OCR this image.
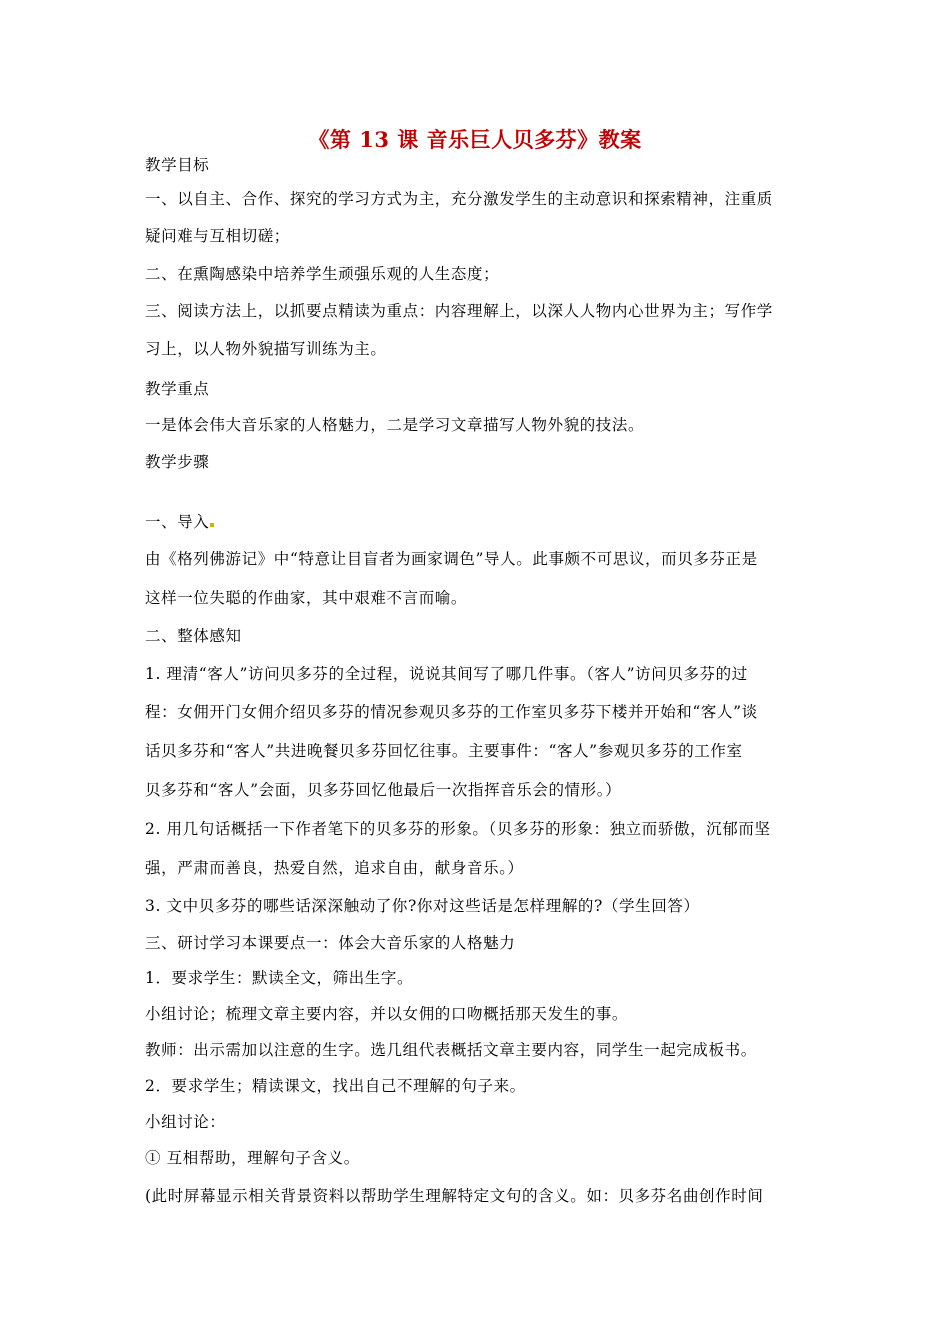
《第 13 课 音乐巨人贝多芬》教案
教学目标
一、以自主、合作、探究的学习方式为主，充分激发学生的主动意识和探索精神，注重质
疑问难与互相切磋；
二、在熏陶感染中培养学生顽强乐观的人生态度；
三、阅读方法上，以抓要点精读为重点：内容理解上，以深人人物内心世界为主；写作学
习上，以人物外貌描写训练为主。
教学重点
一是体会伟大音乐家的人格魅力，二是学习文章描写人物外貌的技法。
教学步骤
一、导入
由《格列佛游记》中“特意让目盲者为画家调色”导人。此事颇不可思议，而贝多芬正是
这样一位失聪的作曲家，其中艰难不言而喻。
二、整体感知
1. 理清“客人”访问贝多芬的全过程，说说其间写了哪几件事。（客人”访问贝多芬的过
程：女佣开门女佣介绍贝多芬的情况参观贝多芬的工作室贝多芬下楼并开始和“客人”谈
话贝多芬和“客人”共进晚餐贝多芬回忆往事。主要事件：“客人”参观贝多芬的工作室
贝多芬和“客人”会面，贝多芬回忆他最后一次指挥音乐会的情形。）
2. 用几句话概括一下作者笔下的贝多芬的形象。（贝多芬的形象：独立而骄傲，沉郁而坚
强，严肃而善良，热爱自然，追求自由，献身音乐。）
3. 文中贝多芬的哪些话深深触动了你?你对这些话是怎样理解的?（学生回答）
三、研讨学习本课要点一：体会大音乐家的人格魅力
1．要求学生：默读全文，筛出生字。
小组讨论；梳理文章主要内容，并以女佣的口吻概括那天发生的事。
教师：出示需加以注意的生字。选几组代表概括文章主要内容，同学生一起完成板书。
2．要求学生；精读课文，找出自己不理解的句子来。
小组讨论：
① 互相帮助，理解句子含义。
(此时屏幕显示相关背景资料以帮助学生理解特定文句的含义。如：贝多芬名曲创作时间
